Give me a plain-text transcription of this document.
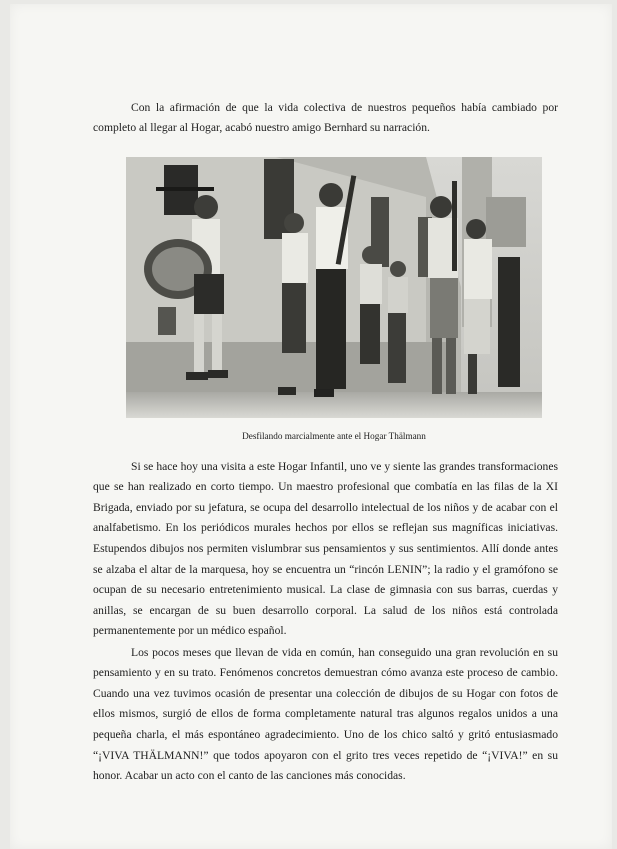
Con la afirmación de que la vida colectiva de nuestros pequeños había cambiado por completo al llegar al Hogar, acabó nuestro amigo Bernhard su narración.

Desfilando marcialmente ante el Hogar Thälmann

Si se hace hoy una visita a este Hogar Infantil, uno ve y siente las grandes transformaciones que se han realizado en corto tiempo. Un maestro profesional que combatía en las filas de la XI Brigada, enviado por su jefatura, se ocupa del desarrollo intelectual de los niños y de acabar con el analfabetismo. En los periódicos murales hechos por ellos se reflejan sus magníficas iniciativas. Estupendos dibujos nos permiten vislumbrar sus pensamientos y sus sentimientos. Allí donde antes se alzaba el altar de la marquesa, hoy se encuentra un “rincón LENIN”; la radio y el gramófono se ocupan de su necesario entretenimiento musical. La clase de gimnasia con sus barras, cuerdas y anillas, se encargan de su buen desarrollo corporal. La salud de los niños está controlada permanentemente por un médico español.

Los pocos meses que llevan de vida en común, han conseguido una gran revolución en su pensamiento y en su trato. Fenómenos concretos demuestran cómo avanza este proceso de cambio. Cuando una vez tuvimos ocasión de presentar una colección de dibujos de su Hogar con fotos de ellos mismos, surgió de ellos de forma completamente natural tras algunos regalos unidos a una pequeña charla, el más espontáneo agradecimiento. Uno de los chico saltó y gritó entusiasmado “¡VIVA THÄLMANN!” que todos apoyaron con el grito tres veces repetido de “¡VIVA!” en su honor. Acabar un acto con el canto de las canciones más conocidas.
